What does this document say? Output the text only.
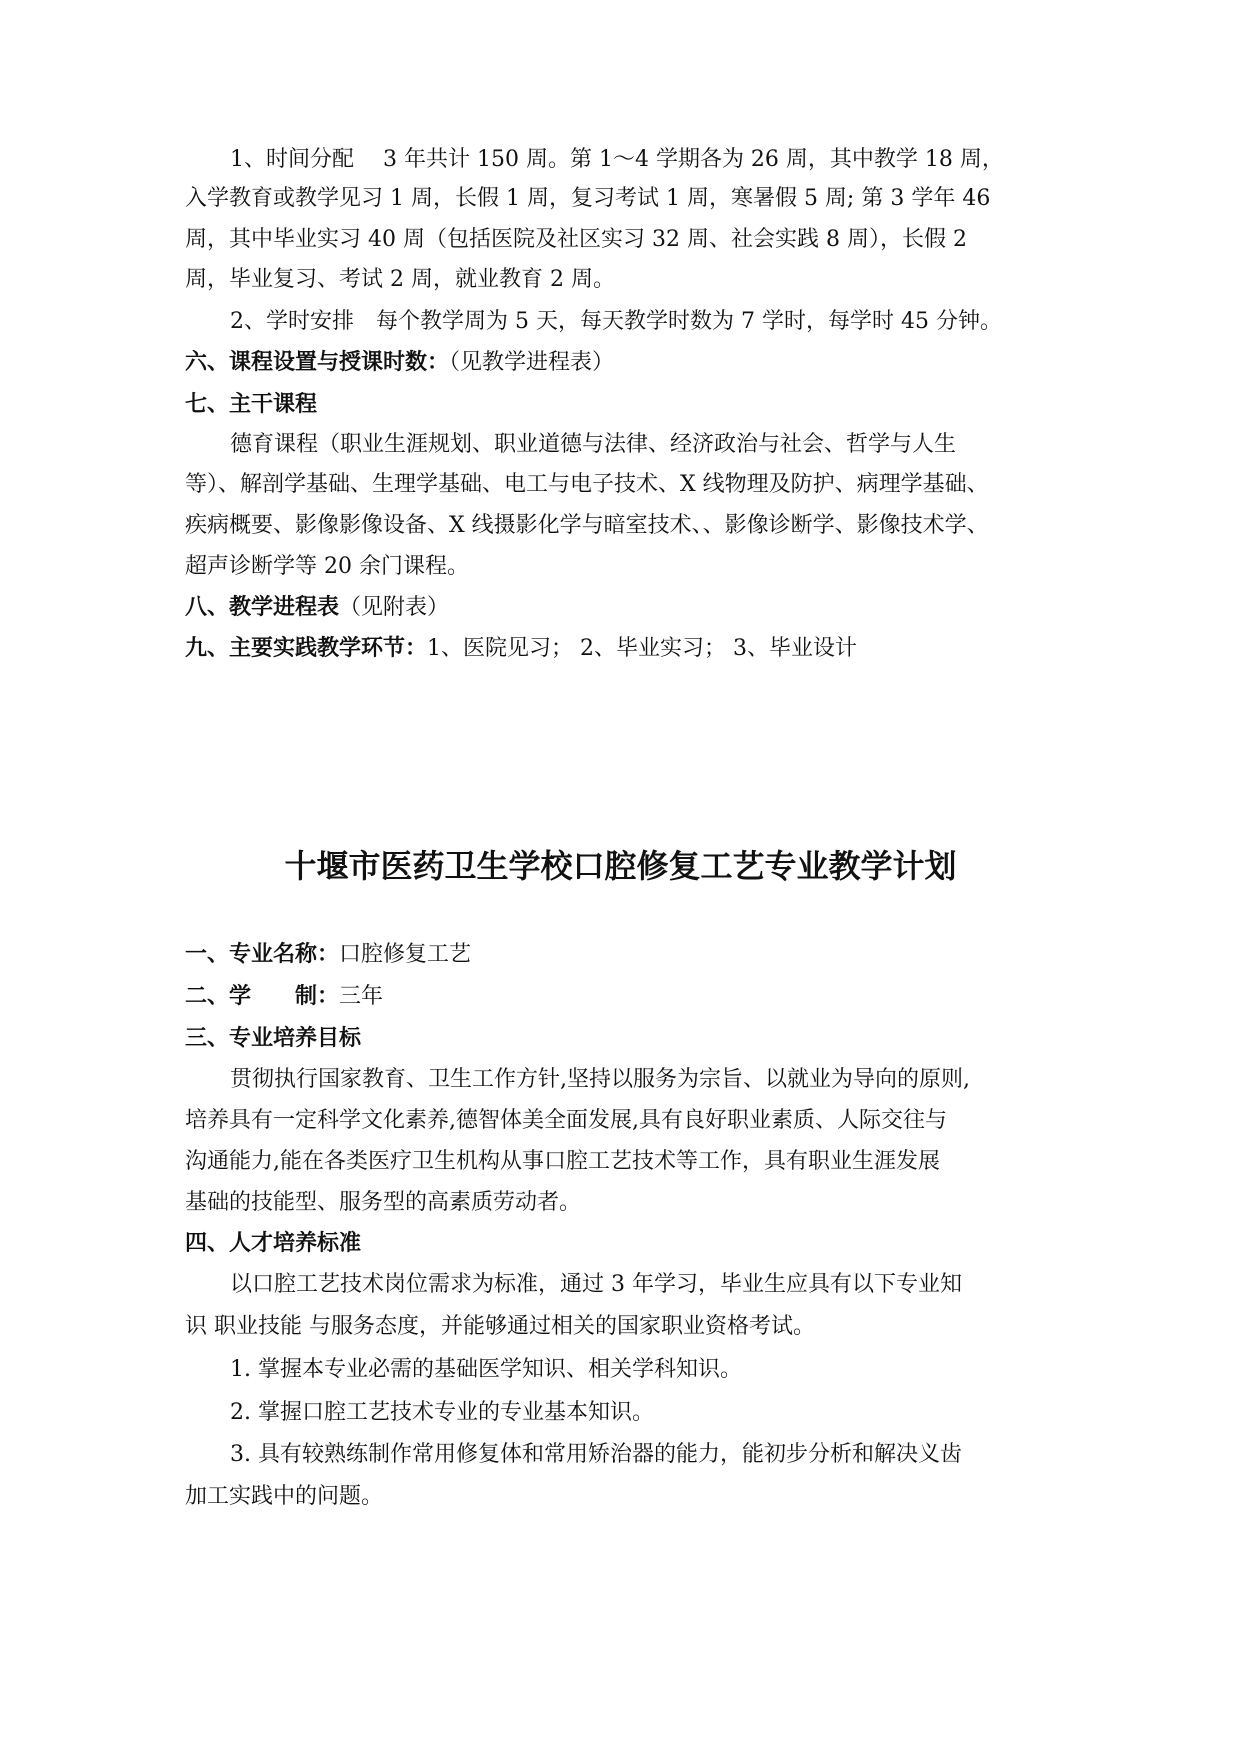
1、时间分配　 3 年共计 150 周。第 1～4 学期各为 26 周，其中教学 18 周，
入学教育或教学见习 1 周，长假 1 周，复习考试 1 周，寒暑假 5 周; 第 3 学年 46
周，其中毕业实习 40 周（包括医院及社区实习 32 周、社会实践 8 周），长假 2
周，毕业复习、考试 2 周，就业教育 2 周。
2、学时安排　每个教学周为 5 天，每天教学时数为 7 学时，每学时 45 分钟。
六、课程设置与授课时数：（见教学进程表）
七、主干课程
德育课程（职业生涯规划、职业道德与法律、经济政治与社会、哲学与人生
等）、解剖学基础、生理学基础、电工与电子技术、X 线物理及防护、病理学基础、
疾病概要、影像影像设备、X 线摄影化学与暗室技术、、影像诊断学、影像技术学、
超声诊断学等 20 余门课程。
八、教学进程表（见附表）
九、主要实践教学环节：1、医院见习； 2、毕业实习； 3、毕业设计
十堰市医药卫生学校口腔修复工艺专业教学计划
一、专业名称：口腔修复工艺
二、学　　制：三年
三、专业培养目标
贯彻执行国家教育、卫生工作方针,坚持以服务为宗旨、以就业为导向的原则,
培养具有一定科学文化素养,德智体美全面发展,具有良好职业素质、人际交往与
沟通能力,能在各类医疗卫生机构从事口腔工艺技术等工作，具有职业生涯发展
基础的技能型、服务型的高素质劳动者。
四、人才培养标准
以口腔工艺技术岗位需求为标准，通过 3 年学习，毕业生应具有以下专业知
识 职业技能 与服务态度，并能够通过相关的国家职业资格考试。
1. 掌握本专业必需的基础医学知识、相关学科知识。
2. 掌握口腔工艺技术专业的专业基本知识。
3. 具有较熟练制作常用修复体和常用矫治器的能力，能初步分析和解决义齿
加工实践中的问题。
